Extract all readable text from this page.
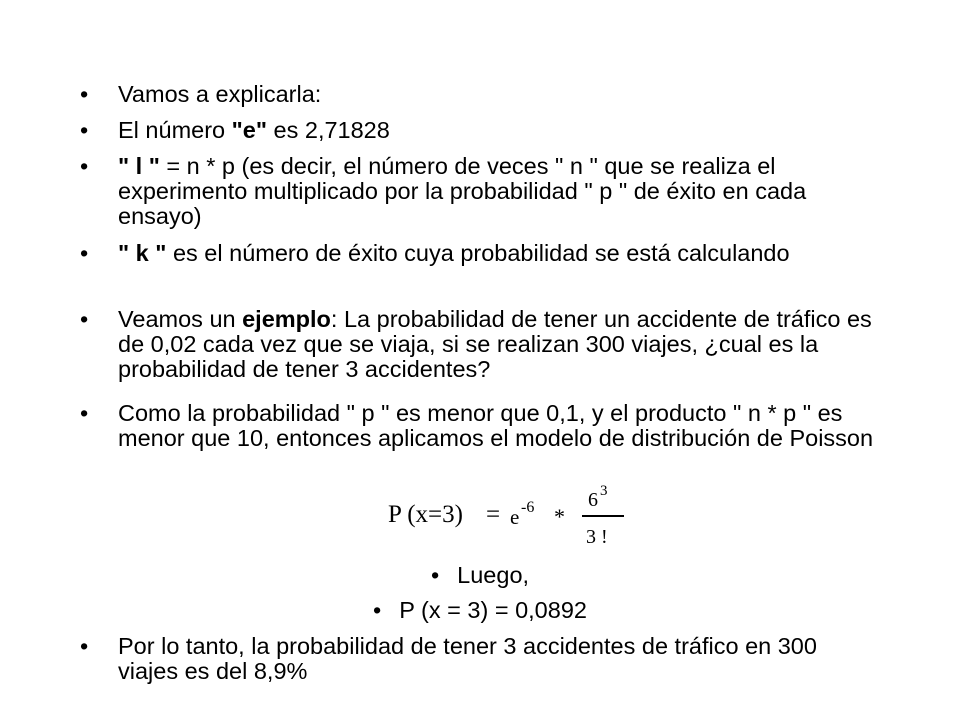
• Vamos a explicarla:
• El número "e" es 2,71828
• " l " = n * p (es decir, el número de veces " n " que se realiza el experimento multiplicado por la probabilidad " p " de éxito en cada ensayo)
• " k " es el número de éxito cuya probabilidad se está calculando
• Veamos un ejemplo: La probabilidad de tener un accidente de tráfico es de 0,02 cada vez que se viaja, si se realizan 300 viajes, ¿cual es la probabilidad de tener 3 accidentes?
• Como la probabilidad " p " es menor que 0,1, y el producto " n * p " es menor que 10, entonces aplicamos el modelo de distribución de Poisson
P (x=3) = e -6 *
6 3
3 !
• Luego,
• P (x = 3) = 0,0892
• Por lo tanto, la probabilidad de tener 3 accidentes de tráfico en 300 viajes es del 8,9%
